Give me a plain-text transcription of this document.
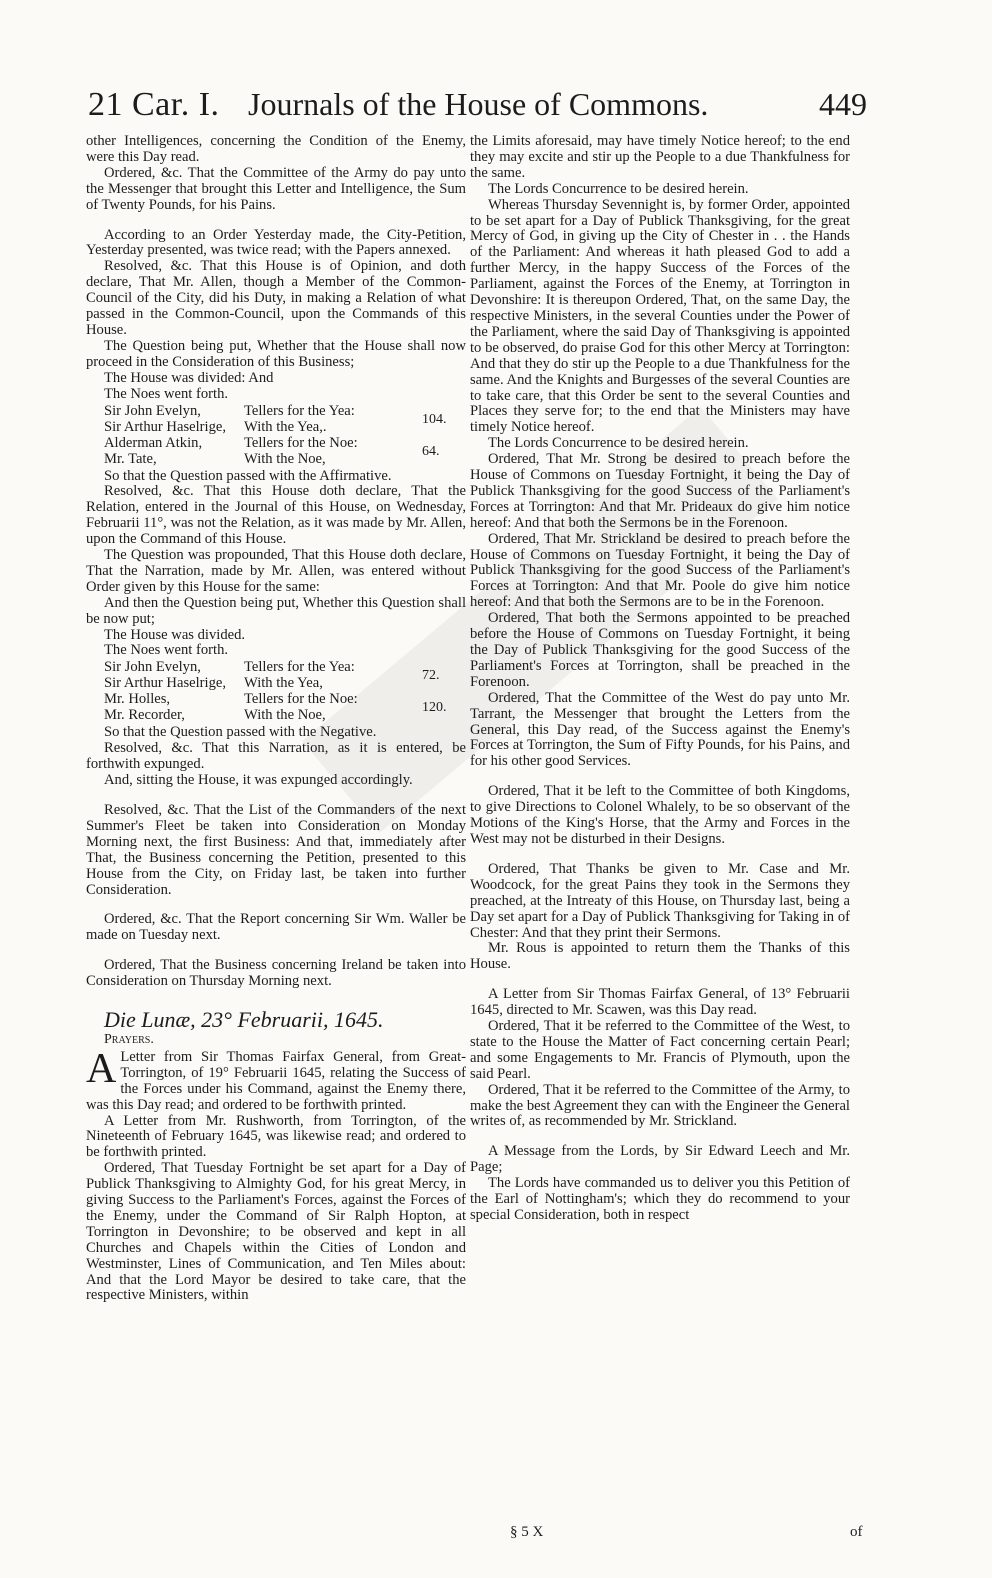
21 Car. I. Journals of the House of Commons.	449

other Intelligences, concerning the Condition of the Enemy, were this Day read.

Ordered, &c. That the Committee of the Army do pay unto the Messenger that brought this Letter and Intelligence, the Sum of Twenty Pounds, for his Pains.

According to an Order Yesterday made, the City-Petition, Yesterday presented, was twice read; with the Papers annexed.

Resolved, &c. That this House is of Opinion, and doth declare, That Mr. Allen, though a Member of the Common-Council of the City, did his Duty, in making a Relation of what passed in the Common-Council, upon the Commands of this House.

The Question being put, Whether that the House shall now proceed in the Consideration of this Business;

The House was divided: And

The Noes went forth.

Sir John Evelyn,	Tellers for the Yea:
Sir Arthur Haselrige, With the Yea,.	104.
Alderman Atkin,	Tellers for the Noe:
Mr. Tate,	With the Noe,	64.

So that the Question passed with the Affirmative.

Resolved, &c. That this House doth declare, That the Relation, entered in the Journal of this House, on Wednesday, Februarii 11°, was not the Relation, as it was made by Mr. Allen, upon the Command of this House.

The Question was propounded, That this House doth declare, That the Narration, made by Mr. Allen, was entered without Order given by this House for the same:

And then the Question being put, Whether this Question shall be now put;

The House was divided.

The Noes went forth.

Sir John Evelyn,	Tellers for the Yea:
Sir Arthur Haselrige, With the Yea,	72.
Mr. Holles,	Tellers for the Noe:
Mr. Recorder,	With the Noe,	120.

So that the Question passed with the Negative.

Resolved, &c. That this Narration, as it is entered, be forthwith expunged.

And, sitting the House, it was expunged accordingly.

Resolved, &c. That the List of the Commanders of the next Summer's Fleet be taken into Consideration on Monday Morning next, the first Business: And that, immediately after That, the Business concerning the Petition, presented to this House from the City, on Friday last, be taken into further Consideration.

Ordered, &c. That the Report concerning Sir Wm. Waller be made on Tuesday next.

Ordered, That the Business concerning Ireland be taken into Consideration on Thursday Morning next.

Die Lunæ, 23° Februarii, 1645.
Prayers.

A Letter from Sir Thomas Fairfax General, from Great-Torrington, of 19° Februarii 1645, relating the Success of the Forces under his Command, against the Enemy there, was this Day read; and ordered to be forthwith printed.

A Letter from Mr. Rushworth, from Torrington, of the Nineteenth of February 1645, was likewise read; and ordered to be forthwith printed.

Ordered, That Tuesday Fortnight be set apart for a Day of Publick Thanksgiving to Almighty God, for his great Mercy, in giving Success to the Parliament's Forces, against the Forces of the Enemy, under the Command of Sir Ralph Hopton, at Torrington in Devonshire; to be observed and kept in all Churches and Chapels within the Cities of London and Westminster, Lines of Communication, and Ten Miles about: And that the Lord Mayor be desired to take care, that the respective Ministers, within

the Limits aforesaid, may have timely Notice hereof; to the end they may excite and stir up the People to a due Thankfulness for the same.

The Lords Concurrence to be desired herein.

Whereas Thursday Sevennight is, by former Order, appointed to be set apart for a Day of Publick Thanksgiving, for the great Mercy of God, in giving up the City of Chester in . . the Hands of the Parliament: And whereas it hath pleased God to add a further Mercy, in the happy Success of the Forces of the Parliament, against the Forces of the Enemy, at Torrington in Devonshire: It is thereupon Ordered, That, on the same Day, the respective Ministers, in the several Counties under the Power of the Parliament, where the said Day of Thanksgiving is appointed to be observed, do praise God for this other Mercy at Torrington: And that they do stir up the People to a due Thankfulness for the same. And the Knights and Burgesses of the several Counties are to take care, that this Order be sent to the several Counties and Places they serve for; to the end that the Ministers may have timely Notice hereof.

The Lords Concurrence to be desired herein.

Ordered, That Mr. Strong be desired to preach before the House of Commons on Tuesday Fortnight, it being the Day of Publick Thanksgiving for the good Success of the Parliament's Forces at Torrington: And that Mr. Prideaux do give him notice hereof: And that both the Sermons be in the Forenoon.

Ordered, That Mr. Strickland be desired to preach before the House of Commons on Tuesday Fortnight, it being the Day of Publick Thanksgiving for the good Success of the Parliament's Forces at Torrington: And that Mr. Poole do give him notice hereof: And that both the Sermons are to be in the Forenoon.

Ordered, That both the Sermons appointed to be preached before the House of Commons on Tuesday Fortnight, it being the Day of Publick Thanksgiving for the good Success of the Parliament's Forces at Torrington, shall be preached in the Forenoon.

Ordered, That the Committee of the West do pay unto Mr. Tarrant, the Messenger that brought the Letters from the General, this Day read, of the Success against the Enemy's Forces at Torrington, the Sum of Fifty Pounds, for his Pains, and for his other good Services.

Ordered, That it be left to the Committee of both Kingdoms, to give Directions to Colonel Whalely, to be so observant of the Motions of the King's Horse, that the Army and Forces in the West may not be disturbed in their Designs.

Ordered, That Thanks be given to Mr. Case and Mr. Woodcock, for the great Pains they took in the Sermons they preached, at the Intreaty of this House, on Thursday last, being a Day set apart for a Day of Publick Thanksgiving for Taking in of Chester: And that they print their Sermons.

Mr. Rous is appointed to return them the Thanks of this House.

A Letter from Sir Thomas Fairfax General, of 13° Februarii 1645, directed to Mr. Scawen, was this Day read.

Ordered, That it be referred to the Committee of the West, to state to the House the Matter of Fact concerning certain Pearl; and some Engagements to Mr. Francis of Plymouth, upon the said Pearl.

Ordered, That it be referred to the Committee of the Army, to make the best Agreement they can with the Engineer the General writes of, as recommended by Mr. Strickland.

A Message from the Lords, by Sir Edward Leech and Mr. Page;

The Lords have commanded us to deliver you this Petition of the Earl of Nottingham's; which they do recommend to your special Consideration, both in respect

§ 5 X	of
